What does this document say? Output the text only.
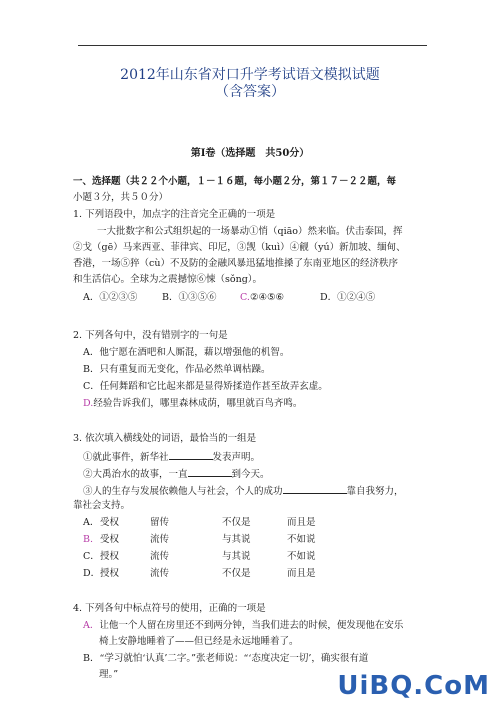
2012年山东省对口升学考试语文模拟试题
（含答案）
第Ⅰ卷（选择题　共50分）
一、选择题（共２２个小题，１－１６题，每小题２分，第１７－２２题，每
小题３分，共５０分）
1. 下列语段中，加点字的注音完全正确的一项是
一大批数字和公式组织起的一场暴动①悄（qiāo）然来临。伏击泰国，挥
②戈（gē）马来西亚、菲律宾、印尼，③觊（kuì）④觎（yú）新加坡、缅甸、
香港，一场⑤猝（cù）不及防的金融风暴迅猛地推搡了东南亚地区的经济秩序
和生活信心。全球为之震撼惊⑥悚（sǒng）。
A．①②③⑤	B．①③⑤⑥ C.②④⑤⑥	D．①②④⑤
2. 下列各句中，没有错别字的一句是
A．他宁愿在酒吧和人厮混，藉以增强他的机智。
B．只有重复而无变化，作品必然单调枯躁。
C．任何舞蹈和它比起来都是显得矫揉造作甚至故弄玄虚。
D.经验告诉我们，哪里森林成荫，哪里就百鸟齐鸣。
3. 依次填入横线处的词语，最恰当的一组是
①就此事件，新华社	发表声明。
②大禹治水的故事，一直	到今天。
③人的生存与发展依赖他人与社会，个人的成功	靠自我努力，
靠社会支持。
A． 受权	留传	不仅是	而且是
B. 受权	流传	与其说	不如说
C． 授权	流传	与其说	不如说
D． 授权	流传	不仅是	而且是
4. 下列各句中标点符号的使用，正确的一项是
A．让他一个人留在房里还不到两分钟，当我们进去的时候，便发现他在安乐
椅上安静地睡着了——但已经是永远地睡着了。
B．“学习就怕‘认真’二字。”张老师说：“‘态度决定一切’，确实很有道
理。”	UiBQ.CoM
